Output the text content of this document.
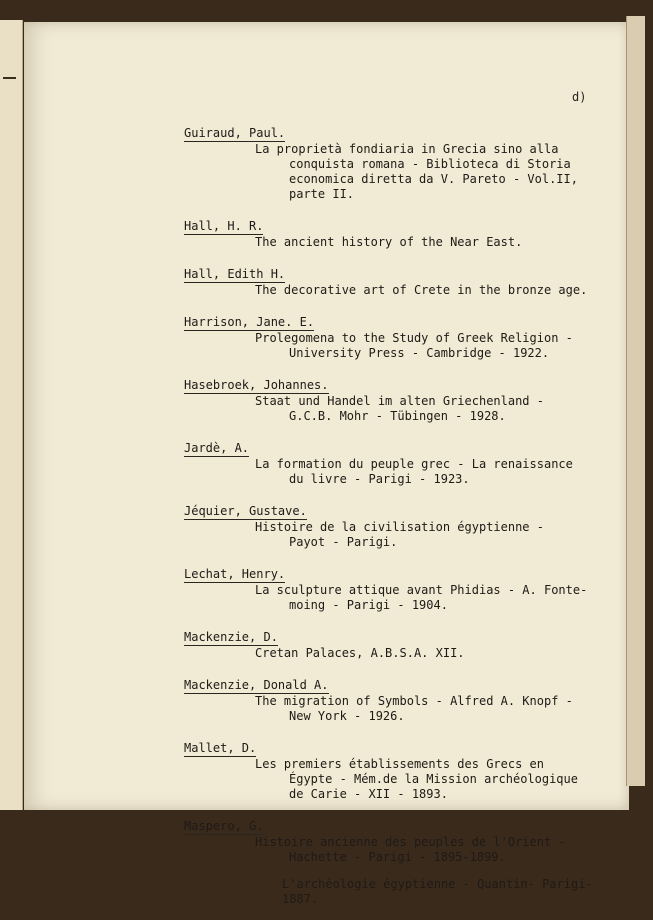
d)
Guiraud, Paul.
La proprietà fondiaria in Grecia sino alla
conquista romana - Biblioteca di Storia
economica diretta da V. Pareto - Vol.II,
parte II.
Hall, H. R.
The ancient history of the Near East.
Hall, Edith H.
The decorative art of Crete in the bronze age.
Harrison, Jane. E.
Prolegomena to the Study of Greek Religion -
University Press - Cambridge - 1922.
Hasebroek, Johannes.
Staat und Handel im alten Griechenland -
G.C.B. Mohr - Tübingen - 1928.
Jardè, A.
La formation du peuple grec - La renaissance
du livre - Parigi - 1923.
Jéquier, Gustave.
Histoire de la civilisation égyptienne -
Payot - Parigi.
Lechat, Henry.
La sculpture attique avant Phidias - A. Fonte-
moing - Parigi - 1904.
Mackenzie, D.
Cretan Palaces, A.B.S.A. XII.
Mackenzie, Donald A.
The migration of Symbols - Alfred A. Knopf -
New York - 1926.
Mallet, D.
Les premiers établissements des Grecs en
Égypte - Mém.de la Mission archéologique
de Carie - XII - 1893.
Maspero, G.
Histoire ancienne des peuples de l'Orient -
Hachette - Parigi - 1895-1899.
L'archéologie égyptienne - Quantin- Parigi-1887.
